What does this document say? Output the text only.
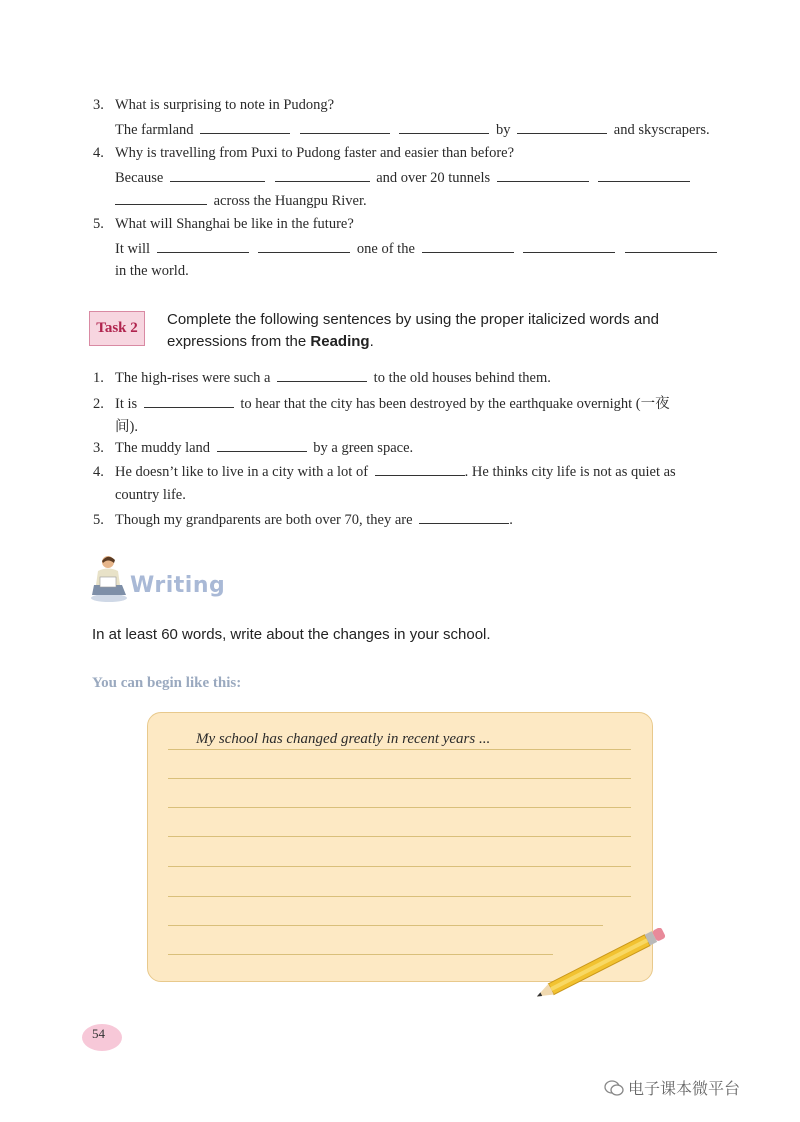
3. What is surprising to note in Pudong?
The farmland	by	and skyscrapers.
4. Why is travelling from Puxi to Pudong faster and easier than before?
Because	and over 20 tunnels
across the Huangpu River.
5. What will Shanghai be like in the future?
It will	one of the
in the world.
Task 2	Complete the following sentences by using the proper italicized words and
expressions from the Reading.
1. The high-rises were such a	to the old houses behind them.
2. It is	to hear that the city has been destroyed by the earthquake overnight (一夜
间).
3. The muddy land	by a green space.
4. He doesn’t like to live in a city with a lot of	. He thinks city life is not as quiet as
country life.
5. Though my grandparents are both over 70, they are	.
Writing
In at least 60 words, write about the changes in your school.
You can begin like this:
My school has changed greatly in recent years ...
54
电子课本微平台
